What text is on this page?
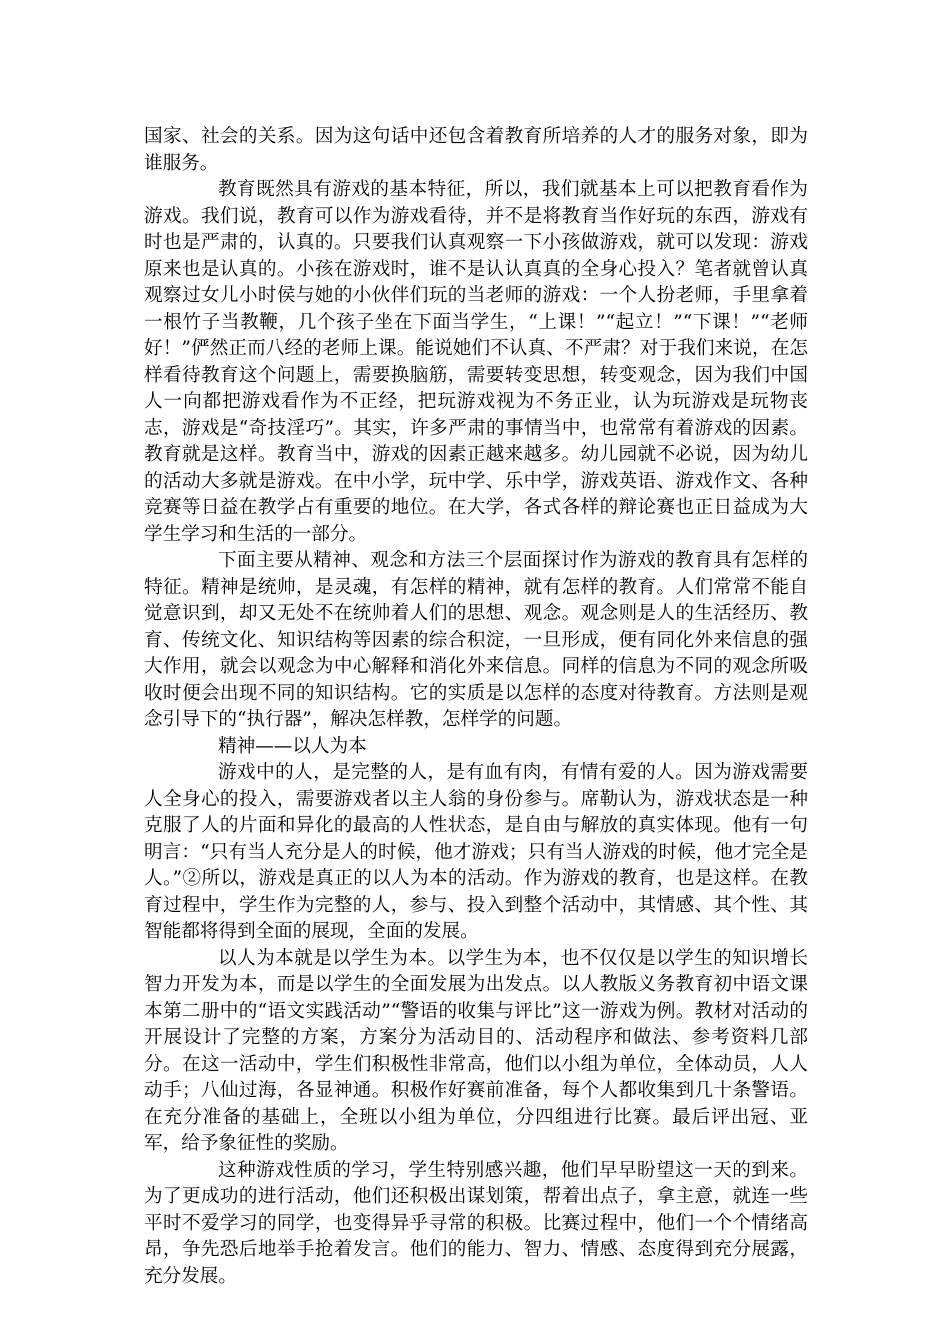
国家、社会的关系。因为这句话中还包含着教育所培养的人才的服务对象，即为谁服务。

教育既然具有游戏的基本特征，所以，我们就基本上可以把教育看作为游戏。我们说，教育可以作为游戏看待，并不是将教育当作好玩的东西，游戏有时也是严肃的，认真的。只要我们认真观察一下小孩做游戏，就可以发现：游戏原来也是认真的。小孩在游戏时，谁不是认认真真的全身心投入？笔者就曾认真观察过女儿小时侯与她的小伙伴们玩的当老师的游戏：一个人扮老师，手里拿着一根竹子当教鞭，几个孩子坐在下面当学生，“上课！”“起立！”“下课！”“老师好！”俨然正而八经的老师上课。能说她们不认真、不严肃？对于我们来说，在怎样看待教育这个问题上，需要换脑筋，需要转变思想，转变观念，因为我们中国人一向都把游戏看作为不正经，把玩游戏视为不务正业，认为玩游戏是玩物丧志，游戏是“奇技淫巧”。其实，许多严肃的事情当中，也常常有着游戏的因素。教育就是这样。教育当中，游戏的因素正越来越多。幼儿园就不必说，因为幼儿的活动大多就是游戏。在中小学，玩中学、乐中学，游戏英语、游戏作文、各种竞赛等日益在教学占有重要的地位。在大学，各式各样的辩论赛也正日益成为大学生学习和生活的一部分。

下面主要从精神、观念和方法三个层面探讨作为游戏的教育具有怎样的特征。精神是统帅，是灵魂，有怎样的精神，就有怎样的教育。人们常常不能自觉意识到，却又无处不在统帅着人们的思想、观念。观念则是人的生活经历、教育、传统文化、知识结构等因素的综合积淀，一旦形成，便有同化外来信息的强大作用，就会以观念为中心解释和消化外来信息。同样的信息为不同的观念所吸收时便会出现不同的知识结构。它的实质是以怎样的态度对待教育。方法则是观念引导下的“执行器”，解决怎样教，怎样学的问题。

精神——以人为本

游戏中的人，是完整的人，是有血有肉，有情有爱的人。因为游戏需要人全身心的投入，需要游戏者以主人翁的身份参与。席勒认为，游戏状态是一种克服了人的片面和异化的最高的人性状态，是自由与解放的真实体现。他有一句明言：“只有当人充分是人的时候，他才游戏；只有当人游戏的时候，他才完全是人。”②所以，游戏是真正的以人为本的活动。作为游戏的教育，也是这样。在教育过程中，学生作为完整的人，参与、投入到整个活动中，其情感、其个性、其智能都将得到全面的展现，全面的发展。

以人为本就是以学生为本。以学生为本，也不仅仅是以学生的知识增长智力开发为本，而是以学生的全面发展为出发点。以人教版义务教育初中语文课本第二册中的“语文实践活动”“警语的收集与评比”这一游戏为例。教材对活动的开展设计了完整的方案，方案分为活动目的、活动程序和做法、参考资料几部分。在这一活动中，学生们积极性非常高，他们以小组为单位，全体动员，人人动手；八仙过海，各显神通。积极作好赛前准备，每个人都收集到几十条警语。在充分准备的基础上，全班以小组为单位，分四组进行比赛。最后评出冠、亚军，给予象征性的奖励。

这种游戏性质的学习，学生特别感兴趣，他们早早盼望这一天的到来。为了更成功的进行活动，他们还积极出谋划策，帮着出点子，拿主意，就连一些平时不爱学习的同学，也变得异乎寻常的积极。比赛过程中，他们一个个情绪高昂，争先恐后地举手抢着发言。他们的能力、智力、情感、态度得到充分展露，充分发展。
